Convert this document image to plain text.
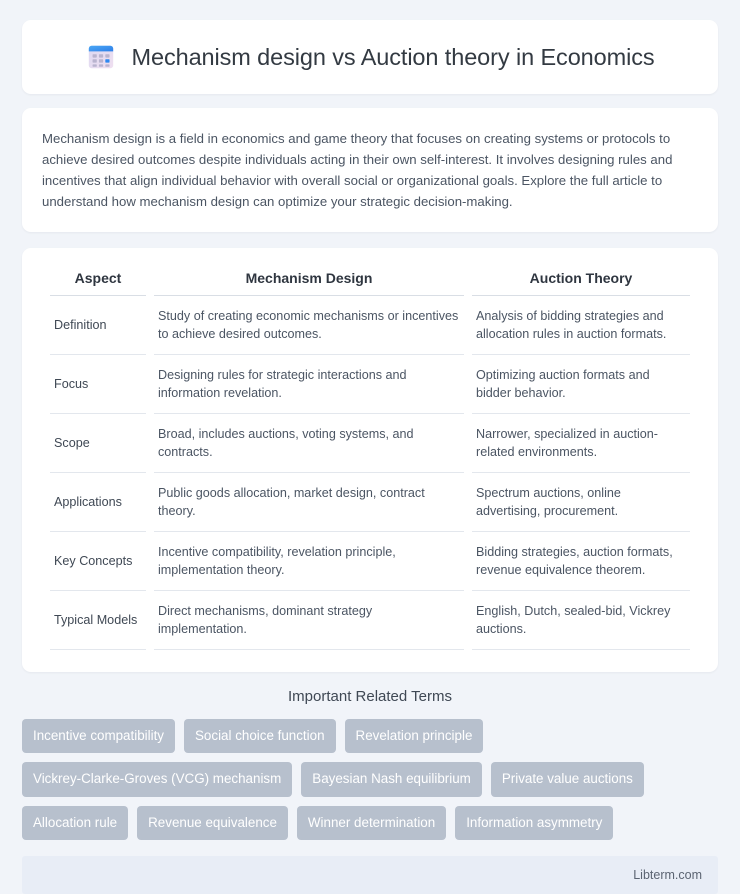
Mechanism design vs Auction theory in Economics

Mechanism design is a field in economics and game theory that focuses on creating systems or protocols to achieve desired outcomes despite individuals acting in their own self-interest. It involves designing rules and incentives that align individual behavior with overall social or organizational goals. Explore the full article to understand how mechanism design can optimize your strategic decision-making.

Aspect	Mechanism Design	Auction Theory
Definition	Study of creating economic mechanisms or incentives to achieve desired outcomes.	Analysis of bidding strategies and allocation rules in auction formats.
Focus	Designing rules for strategic interactions and information revelation.	Optimizing auction formats and bidder behavior.
Scope	Broad, includes auctions, voting systems, and contracts.	Narrower, specialized in auction-related environments.
Applications	Public goods allocation, market design, contract theory.	Spectrum auctions, online advertising, procurement.
Key Concepts	Incentive compatibility, revelation principle, implementation theory.	Bidding strategies, auction formats, revenue equivalence theorem.
Typical Models	Direct mechanisms, dominant strategy implementation.	English, Dutch, sealed-bid, Vickrey auctions.
Important Related Terms
Incentive compatibility	Social choice function	Revelation principle
Vickrey-Clarke-Groves (VCG) mechanism	Bayesian Nash equilibrium	Private value auctions
Allocation rule	Revenue equivalence	Winner determination	Information asymmetry
Libterm.com
